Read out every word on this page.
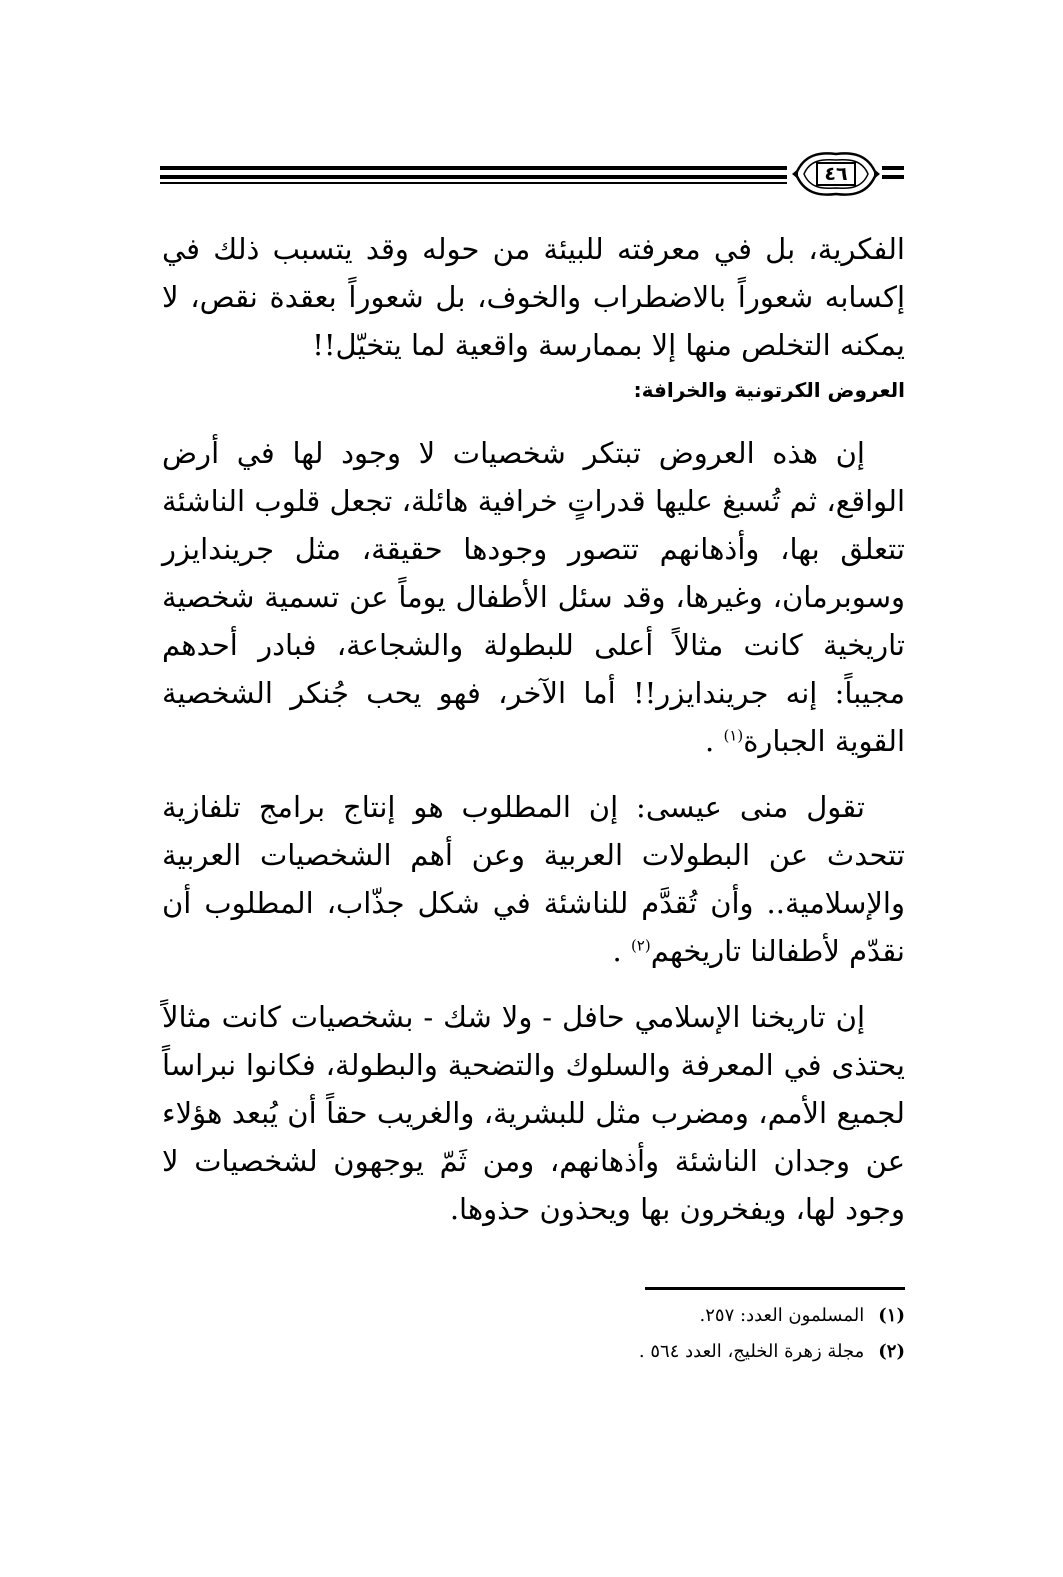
٤٦

الفكرية، بل في معرفته للبيئة من حوله وقد يتسبب ذلك في إكسابه شعوراً بالاضطراب والخوف، بل شعوراً بعقدة نقص، لا يمكنه التخلص منها إلا بممارسة واقعية لما يتخيّل!!

العروض الكرتونية والخرافة:

إن هذه العروض تبتكر شخصيات لا وجود لها في أرض الواقع، ثم تُسبغ عليها قدراتٍ خرافية هائلة، تجعل قلوب الناشئة تتعلق بها، وأذهانهم تتصور وجودها حقيقة، مثل جريندايزر وسوبرمان، وغيرها، وقد سئل الأطفال يوماً عن تسمية شخصية تاريخية كانت مثالاً أعلى للبطولة والشجاعة، فبادر أحدهم مجيباً: إنه جريندايزر!! أما الآخر، فهو يحب جُنكر الشخصية القوية الجبارة$^{(١)}$ .

تقول منى عيسى: إن المطلوب هو إنتاج برامج تلفازية تتحدث عن البطولات العربية وعن أهم الشخصيات العربية والإسلامية.. وأن تُقدَّم للناشئة في شكل جذّاب، المطلوب أن نقدّم لأطفالنا تاريخهم$^{(٢)}$ .

إن تاريخنا الإسلامي حافل - ولا شك - بشخصيات كانت مثالاً يحتذى في المعرفة والسلوك والتضحية والبطولة، فكانوا نبراساً لجميع الأمم، ومضرب مثل للبشرية، والغريب حقاً أن يُبعد هؤلاء عن وجدان الناشئة وأذهانهم، ومن ثَمّ يوجهون لشخصيات لا وجود لها، ويفخرون بها ويحذون حذوها.

(١)
المسلمون العدد: ٢٥٧.
(٢)
مجلة زهرة الخليج، العدد ٥٦٤ .
